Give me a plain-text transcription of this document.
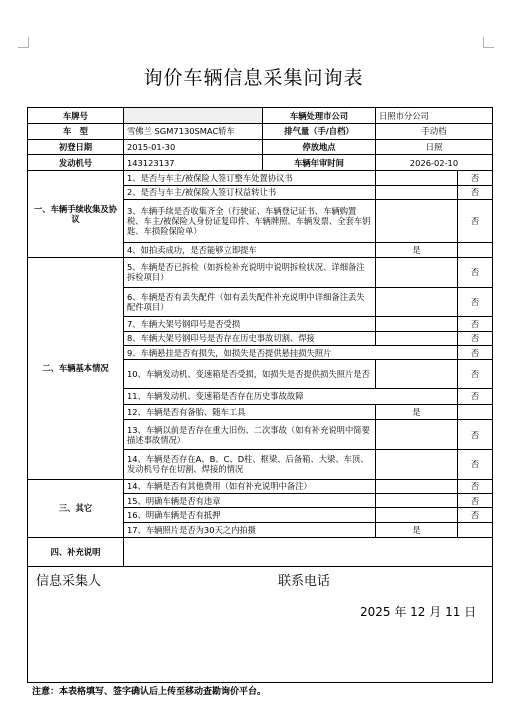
询价车辆信息采集问询表
车牌号		车辆处理市公司	日照市分公司	
车　型	雪佛兰 SGM7130SMAC轿车	排气量（手/自档）	手动档	
初登日期	2015-01-30	停放地点	日照	
发动机号	143123137	车辆年审时间	2026-02-10	
一、车辆手续收集及协议	1、是否与车主/被保险人签订整车处置协议书			否
	2、是否与车主/被保险人签订权益转让书			否
	3、车辆手续是否收集齐全（行驶证、车辆登记证书、车辆购置税、车主/被保险人身份证复印件、车辆牌照、车辆发票、全套车钥匙、车损险保险单）			否
	4、如拍卖成功，是否能够立即提车		是	
二、车辆基本情况	5、车辆是否已拆检（如拆检补充说明中说明拆检状况、详细备注拆检项目）			否
	6、车辆是否有丢失配件（如有丢失配件补充说明中详细备注丢失配件项目）			否
	7、车辆大架号钢印号是否受损			否
	8、车辆大架号钢印号是否存在历史事故切割、焊接			否
	9、车辆悬挂是否有损失，如损失是否提供悬挂损失照片			否
	10、车辆发动机、变速箱是否受损，如损失是否提供损失照片是否			否
	11、车辆发动机、变速箱是否存在历史事故故障			否
	12、车辆是否有备胎、随车工具		是	
	13、车辆以前是否存在重大旧伤、二次事故（如有补充说明中简要描述事故情况）			否
	14、车辆是否存在A、B、C、D柱、框梁、后备箱、大梁、车顶、发动机号存在切割、焊接的情况			否
三、其它	14、车辆是否有其他费用（如有补充说明中备注）			否
	15、明确车辆是否有违章			否
	16、明确车辆是否有抵押			否
	17、车辆照片是否为30天之内拍摄		是	
四、补充说明				

信息采集人 联系电话
2025 年 12 月 11 日				
注意：本表格填写、签字确认后上传至移动查勘询价平台。
